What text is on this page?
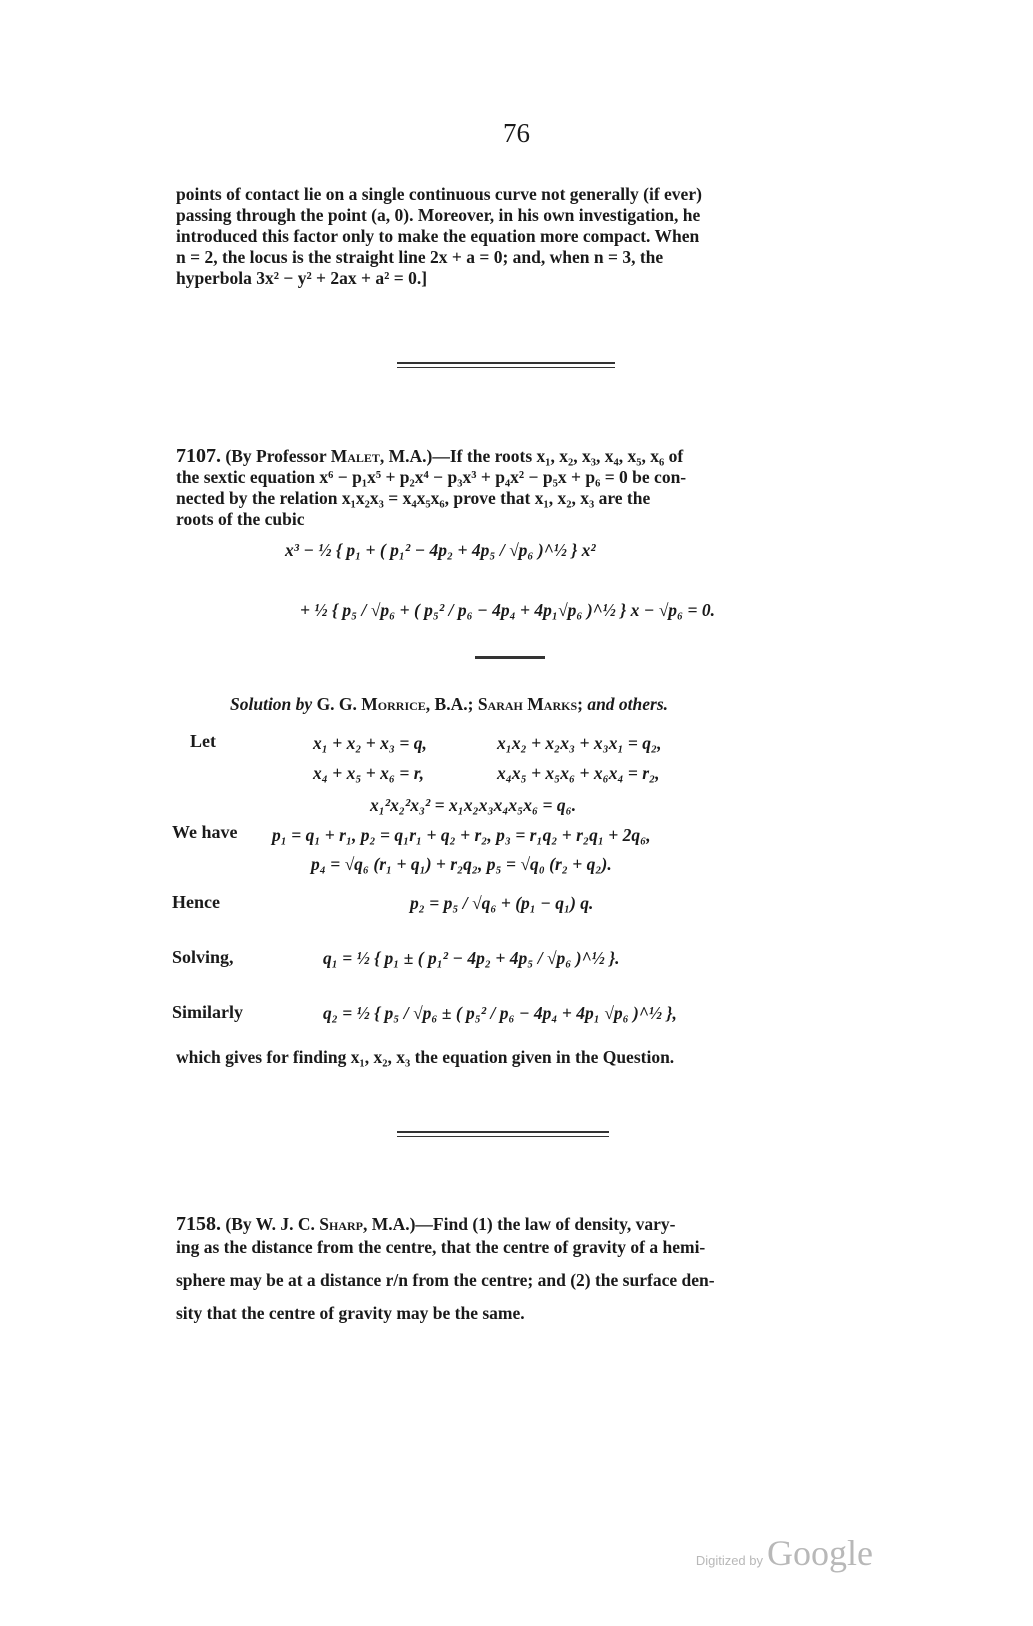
76

points of contact lie on a single continuous curve not generally (if ever)

passing through the point (a, 0). Moreover, in his own investigation, he

introduced this factor only to make the equation more compact. When

n = 2, the locus is the straight line 2x + a = 0; and, when n = 3, the

hyperbola 3x² − y² + 2ax + a² = 0.]

7107. (By Professor Malet, M.A.)—If the roots x₁, x₂, x₃, x₄, x₅, x₆ of

the sextic equation x⁶ − p₁x⁵ + p₂x⁴ − p₃x³ + p₄x² − p₅x + p₆ = 0 be con-

nected by the relation x₁x₂x₃ = x₄x₅x₆, prove that x₁, x₂, x₃ are the

roots of the cubic

x³ − ½ { p₁ + ( p₁² − 4p₂ + 4p₅ / √p₆ )^½ } x²
+ ½ { p₅ / √p₆ + ( p₅² / p₆ − 4p₄ + 4p₁√p₆ )^½ } x − √p₆ = 0.
Solution by G. G. Morrice, B.A.; Sarah Marks; and others.
Let	x₁ + x₂ + x₃ = q,	x₁x₂ + x₂x₃ + x₃x₁ = q₂,
x₄ + x₅ + x₆ = r,	x₄x₅ + x₅x₆ + x₆x₄ = r₂,
x₁²x₂²x₃² = x₁x₂x₃x₄x₅x₆ = q₆.
We have p₁ = q₁ + r₁, p₂ = q₁r₁ + q₂ + r₂, p₃ = r₁q₂ + r₂q₁ + 2q₆,
p₄ = √q₆ (r₁ + q₁) + r₂q₂, p₅ = √q₀ (r₂ + q₂).
Hence	p₂ = p₅ / √q₆ + (p₁ − q₁) q.
Solving,	q₁ = ½ { p₁ ± ( p₁² − 4p₂ + 4p₅ / √p₆ )^½ }.
Similarly	q₂ = ½ { p₅ / √p₆ ± ( p₅² / p₆ − 4p₄ + 4p₁ √p₆ )^½ },

which gives for finding x₁, x₂, x₃ the equation given in the Question.

7158. (By W. J. C. Sharp, M.A.)—Find (1) the law of density, vary-

ing as the distance from the centre, that the centre of gravity of a hemi-

sphere may be at a distance r/n from the centre; and (2) the surface den-

sity that the centre of gravity may be the same.

Digitized by Google
